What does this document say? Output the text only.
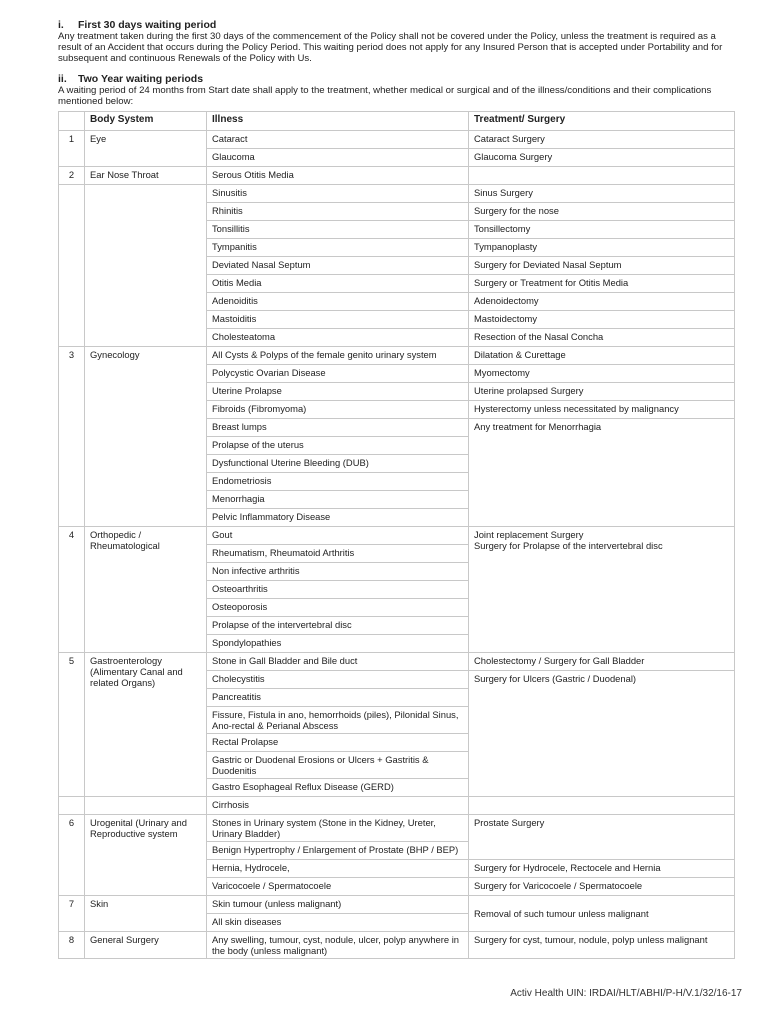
i. First 30 days waiting period

Any treatment taken during the first 30 days of the commencement of the Policy shall not be covered under the Policy, unless the treatment is required as a result of an Accident that occurs during the Policy Period. This waiting period does not apply for any Insured Person that is accepted under Portability and for subsequent and continuous Renewals of the Policy with Us.

ii. Two Year waiting periods

A waiting period of 24 months from Start date shall apply to the treatment, whether medical or surgical and of the illness/conditions and their complications mentioned below:

	Body System	Illness	Treatment/ Surgery
1	Eye	Cataract	Cataract Surgery
		Glaucoma	Glaucoma Surgery
2	Ear Nose Throat	Serous Otitis Media	
		Sinusitis	Sinus Surgery
		Rhinitis	Surgery for the nose
		Tonsillitis	Tonsillectomy
		Tympanitis	Tympanoplasty
		Deviated Nasal Septum	Surgery for Deviated Nasal Septum
		Otitis Media	Surgery or Treatment for Otitis Media
		Adenoiditis	Adenoidectomy
		Mastoiditis	Mastoidectomy
		Cholesteatoma	Resection of the Nasal Concha
3	Gynecology	All Cysts & Polyps of the female genito urinary system	Dilatation & Curettage
		Polycystic Ovarian Disease	Myomectomy
		Uterine Prolapse	Uterine prolapsed Surgery
		Fibroids (Fibromyoma)	Hysterectomy unless necessitated by malignancy
		Breast lumps	Any treatment for Menorrhagia
		Prolapse of the uterus	
		Dysfunctional Uterine Bleeding (DUB)	
		Endometriosis	
		Menorrhagia	
		Pelvic Inflammatory Disease	
4	Orthopedic / Rheumatological	Gout	Joint replacement Surgery
Surgery for Prolapse of the intervertebral disc
		Rheumatism, Rheumatoid Arthritis	
		Non infective arthritis	
		Osteoarthritis	
		Osteoporosis	
		Prolapse of the intervertebral disc	
		Spondylopathies	
5	Gastroenterology (Alimentary Canal and related Organs)	Stone in Gall Bladder and Bile duct	Cholestectomy / Surgery for Gall Bladder
		Cholecystitis	Surgery for Ulcers (Gastric / Duodenal)
		Pancreatitis	
		Fissure, Fistula in ano, hemorrhoids (piles), Pilonidal Sinus, Ano-rectal & Perianal Abscess	
		Rectal Prolapse	
		Gastric or Duodenal Erosions or Ulcers + Gastritis & Duodenitis	
		Gastro Esophageal Reflux Disease (GERD)	
		Cirrhosis	
6	Urogenital (Urinary and Reproductive system	Stones in Urinary system (Stone in the Kidney, Ureter, Urinary Bladder)	Prostate Surgery
		Benign Hypertrophy / Enlargement of Prostate (BHP / BEP)	
		Hernia, Hydrocele,	Surgery for Hydrocele, Rectocele and Hernia
		Varicocoele / Spermatocoele	Surgery for Varicocoele / Spermatocoele
7	Skin	Skin tumour (unless malignant)	Removal of such tumour unless malignant
		All skin diseases	
8	General Surgery	Any swelling, tumour, cyst, nodule, ulcer, polyp anywhere in the body (unless malignant)	Surgery for cyst, tumour, nodule, polyp unless malignant
Activ Health UIN: IRDAI/HLT/ABHI/P-H/V.1/32/16-17
